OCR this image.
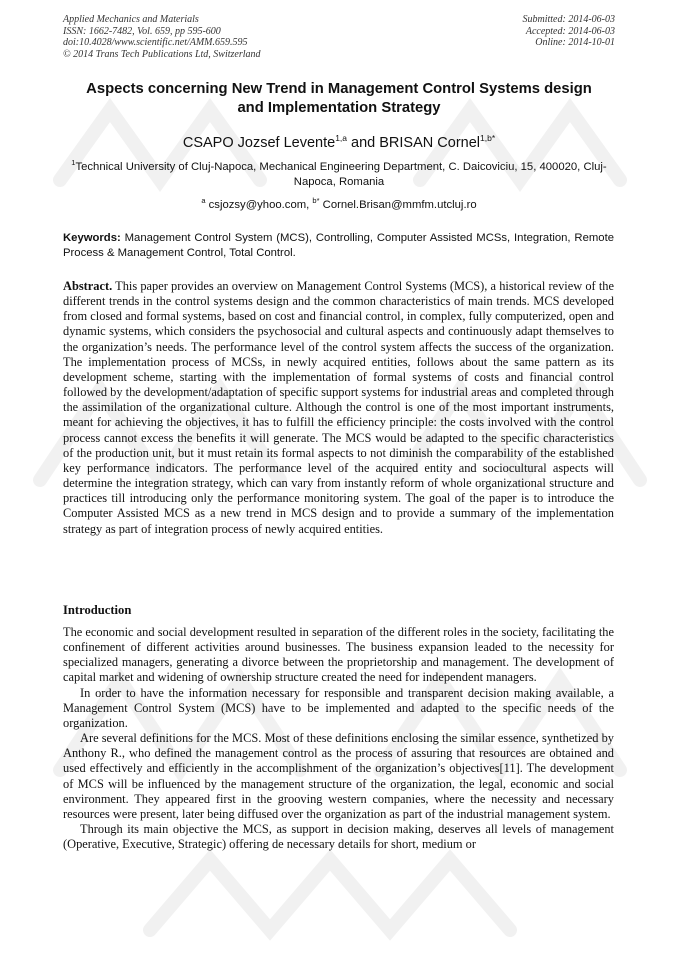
Applied Mechanics and Materials
ISSN: 1662-7482, Vol. 659, pp 595-600
doi:10.4028/www.scientific.net/AMM.659.595
© 2014 Trans Tech Publications Ltd, Switzerland
Submitted: 2014-06-03
Accepted: 2014-06-03
Online: 2014-10-01
Aspects concerning New Trend in Management Control Systems design
and Implementation Strategy
CSAPO Jozsef Levente$^{1,a}$ and BRISAN Cornel$^{1,b*}$
$^1$Technical University of Cluj-Napoca, Mechanical Engineering Department, C. Daicoviciu, 15, 400020, Cluj-Napoca, Romania
$^a$ csjozsy@yhoo.com, $^{b*}$ Cornel.Brisan@mmfm.utcluj.ro
Keywords: Management Control System (MCS), Controlling, Computer Assisted MCSs, Integration, Remote Process & Management Control, Total Control.

Abstract. This paper provides an overview on Management Control Systems (MCS), a historical review of the different trends in the control systems design and the common characteristics of main trends. MCS developed from closed and formal systems, based on cost and financial control, in complex, fully computerized, open and dynamic systems, which considers the psychosocial and cultural aspects and continuously adapt themselves to the organization’s needs. The performance level of the control system affects the success of the organization. The implementation process of MCSs, in newly acquired entities, follows about the same pattern as its development scheme, starting with the implementation of formal systems of costs and financial control followed by the development/adaptation of specific support systems for industrial areas and completed through the assimilation of the organizational culture. Although the control is one of the most important instruments, meant for achieving the objectives, it has to fulfill the efficiency principle: the costs involved with the control process cannot excess the benefits it will generate. The MCS would be adapted to the specific characteristics of the production unit, but it must retain its formal aspects to not diminish the comparability of the established key performance indicators. The performance level of the acquired entity and sociocultural aspects will determine the integration strategy, which can vary from instantly reform of whole organizational structure and practices till introducing only the performance monitoring system. The goal of the paper is to introduce the Computer Assisted MCS as a new trend in MCS design and to provide a summary of the implementation strategy as part of integration process of newly acquired entities.

Introduction

The economic and social development resulted in separation of the different roles in the society, facilitating the confinement of different activities around businesses. The business expansion leaded to the necessity for specialized managers, generating a divorce between the proprietorship and management. The development of capital market and widening of ownership structure created the need for independent managers.

In order to have the information necessary for responsible and transparent decision making available, a Management Control System (MCS) have to be implemented and adapted to the specific needs of the organization.

Are several definitions for the MCS. Most of these definitions enclosing the similar essence, synthetized by Anthony R., who defined the management control as the process of assuring that resources are obtained and used effectively and efficiently in the accomplishment of the organization’s objectives[11]. The development of MCS will be influenced by the management structure of the organization, the legal, economic and social environment. They appeared first in the grooving western companies, where the necessity and necessary resources were present, later being diffused over the organization as part of the industrial management system.

Through its main objective the MCS, as support in decision making, deserves all levels of management (Operative, Executive, Strategic) offering de necessary details for short, medium or
